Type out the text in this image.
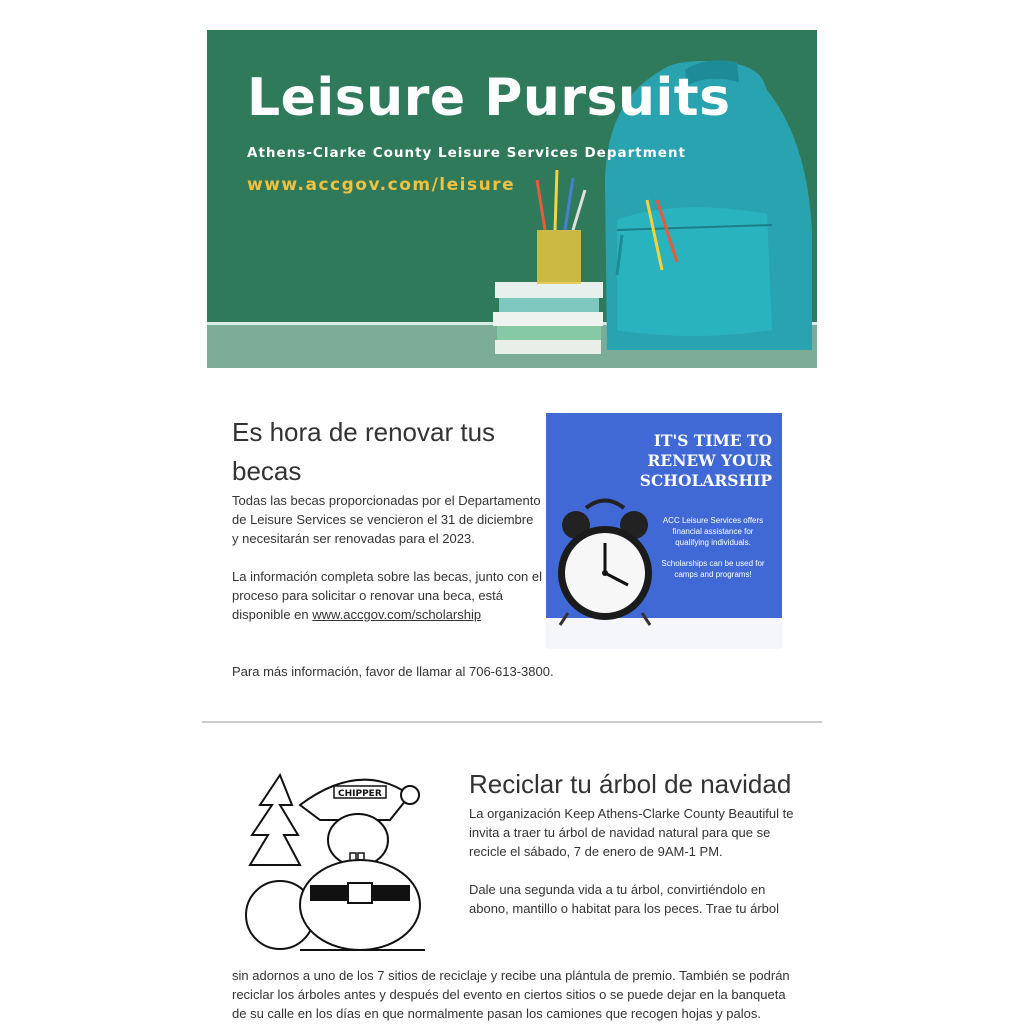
Leisure Pursuits
Athens-Clarke County Leisure Services Department
www.accgov.com/leisure
Es hora de renovar tus becas

Todas las becas proporcionadas por el Departamento de Leisure Services se vencieron el 31 de diciembre y necesitarán ser renovadas para el 2023.

La información completa sobre las becas, junto con el proceso para solicitar o renovar una beca, está disponible en www.accgov.com/scholarship

IT'S TIME TO
RENEW YOUR
SCHOLARSHIP
ACC Leisure Services offers financial assistance for qualifying individuals.
Scholarships can be used for camps and programs!

Para más información, favor de llamar al 706-613-3800.

CHIPPER	Reciclar tu árbol de navidad

La organización Keep Athens-Clarke County Beautiful te invita a traer tu árbol de navidad natural para que se recicle el sábado, 7 de enero de 9AM-1 PM.

Dale una segunda vida a tu árbol, convirtiéndolo en

abono, mantillo o habitat para los peces. Trae tu árbol

sin adornos a uno de los 7 sitios de reciclaje y recibe una plántula de premio. También se podrán reciclar los árboles antes y después del evento en ciertos sitios o se puede dejar en la banqueta de su calle en los días en que normalmente pasan los camiones que recogen hojas y palos.
